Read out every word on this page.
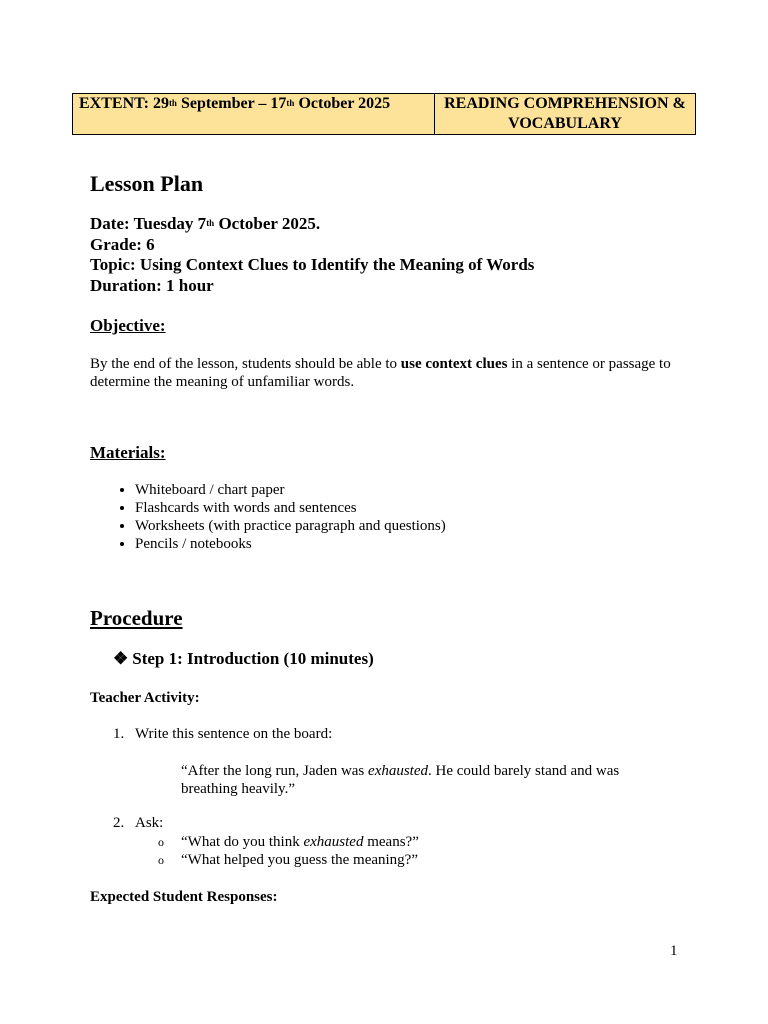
EXTENT: 29th September – 17th October 2025	READING COMPREHENSION & VOCABULARY
Lesson Plan
Date: Tuesday 7th October 2025.
Grade: 6
Topic: Using Context Clues to Identify the Meaning of Words
Duration: 1 hour
Objective:
By the end of the lesson, students should be able to use context clues in a sentence or passage to determine the meaning of unfamiliar words.
Materials:
• Whiteboard / chart paper
• Flashcards with words and sentences
• Worksheets (with practice paragraph and questions)
• Pencils / notebooks
Procedure
❖ Step 1: Introduction (10 minutes)
Teacher Activity:
1. Write this sentence on the board:
“After the long run, Jaden was exhausted. He could barely stand and was breathing heavily.”
2. Ask:
o “What do you think exhausted means?”
o “What helped you guess the meaning?”
Expected Student Responses:
1
